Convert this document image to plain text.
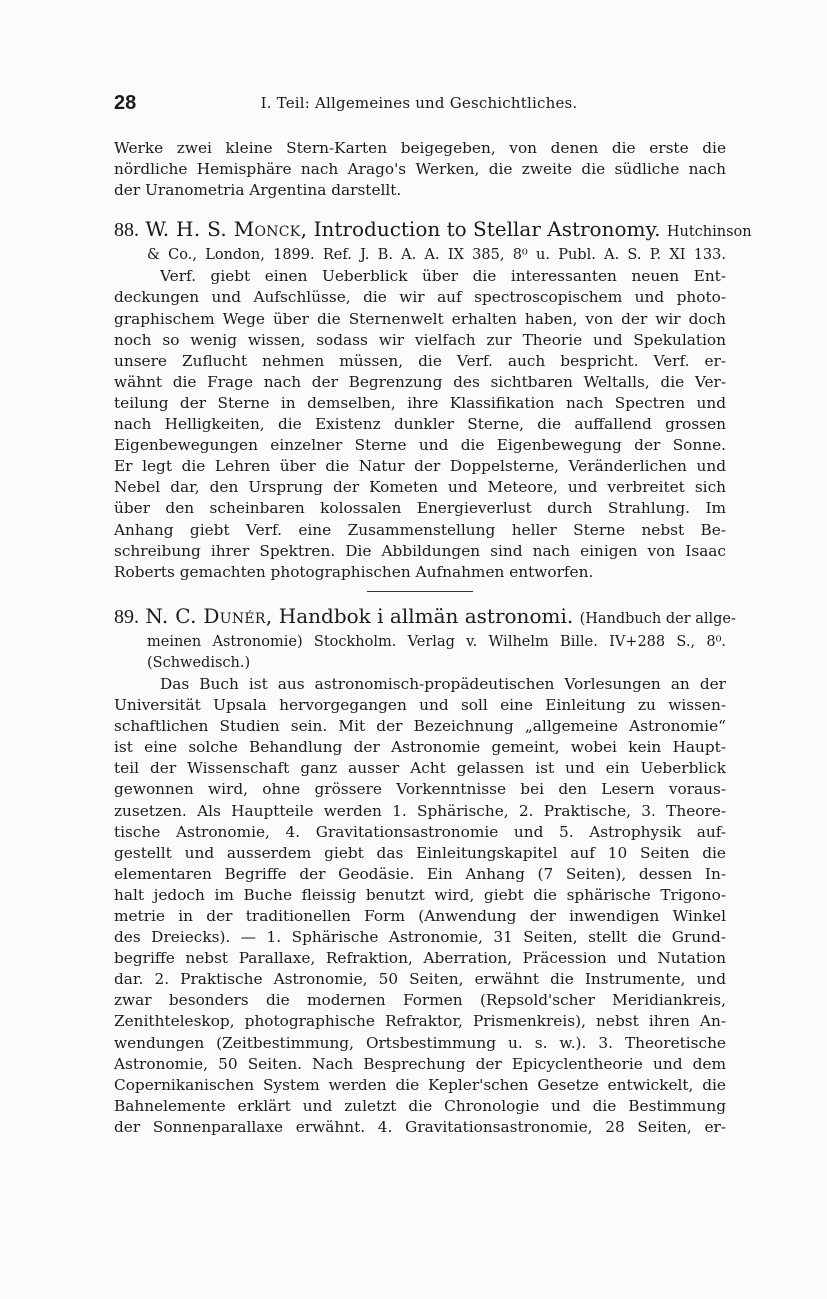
28	I. Teil: Allgemeines und Geschichtliches.
Werke zwei kleine Stern-Karten beigegeben, von denen die erste die
nördliche Hemisphäre nach Arago's Werken, die zweite die südliche nach
der Uranometria Argentina darstellt.
88. W. H. S. Monck, Introduction to Stellar Astronomy. Hutchinson
& Co., London, 1899. Ref. J. B. A. A. IX 385, 8⁰ u. Publ. A. S. P. XI 133.
Verf. giebt einen Ueberblick über die interessanten neuen Ent-
deckungen und Aufschlüsse, die wir auf spectroscopischem und photo-
graphischem Wege über die Sternenwelt erhalten haben, von der wir doch
noch so wenig wissen, sodass wir vielfach zur Theorie und Spekulation
unsere Zuflucht nehmen müssen, die Verf. auch bespricht. Verf. er-
wähnt die Frage nach der Begrenzung des sichtbaren Weltalls, die Ver-
teilung der Sterne in demselben, ihre Klassifikation nach Spectren und
nach Helligkeiten, die Existenz dunkler Sterne, die auffallend grossen
Eigenbewegungen einzelner Sterne und die Eigenbewegung der Sonne.
Er legt die Lehren über die Natur der Doppelsterne, Veränderlichen und
Nebel dar, den Ursprung der Kometen und Meteore, und verbreitet sich
über den scheinbaren kolossalen Energieverlust durch Strahlung. Im
Anhang giebt Verf. eine Zusammenstellung heller Sterne nebst Be-
schreibung ihrer Spektren. Die Abbildungen sind nach einigen von Isaac
Roberts gemachten photographischen Aufnahmen entworfen.
89. N. C. Dunér, Handbok i allmän astronomi. (Handbuch der allge-
meinen Astronomie) Stockholm. Verlag v. Wilhelm Bille. IV+288 S., 8⁰.
(Schwedisch.)
Das Buch ist aus astronomisch-propädeutischen Vorlesungen an der
Universität Upsala hervorgegangen und soll eine Einleitung zu wissen-
schaftlichen Studien sein. Mit der Bezeichnung „allgemeine Astronomie“
ist eine solche Behandlung der Astronomie gemeint, wobei kein Haupt-
teil der Wissenschaft ganz ausser Acht gelassen ist und ein Ueberblick
gewonnen wird, ohne grössere Vorkenntnisse bei den Lesern voraus-
zusetzen. Als Hauptteile werden 1. Sphärische, 2. Praktische, 3. Theore-
tische Astronomie, 4. Gravitationsastronomie und 5. Astrophysik auf-
gestellt und ausserdem giebt das Einleitungskapitel auf 10 Seiten die
elementaren Begriffe der Geodäsie. Ein Anhang (7 Seiten), dessen In-
halt jedoch im Buche fleissig benutzt wird, giebt die sphärische Trigono-
metrie in der traditionellen Form (Anwendung der inwendigen Winkel
des Dreiecks). — 1. Sphärische Astronomie, 31 Seiten, stellt die Grund-
begriffe nebst Parallaxe, Refraktion, Aberration, Präcession und Nutation
dar. 2. Praktische Astronomie, 50 Seiten, erwähnt die Instrumente, und
zwar besonders die modernen Formen (Repsold'scher Meridiankreis,
Zenithteleskop, photographische Refraktor, Prismenkreis), nebst ihren An-
wendungen (Zeitbestimmung, Ortsbestimmung u. s. w.). 3. Theoretische
Astronomie, 50 Seiten. Nach Besprechung der Epicyclentheorie und dem
Copernikanischen System werden die Kepler'schen Gesetze entwickelt, die
Bahnelemente erklärt und zuletzt die Chronologie und die Bestimmung
der Sonnenparallaxe erwähnt. 4. Gravitationsastronomie, 28 Seiten, er-
